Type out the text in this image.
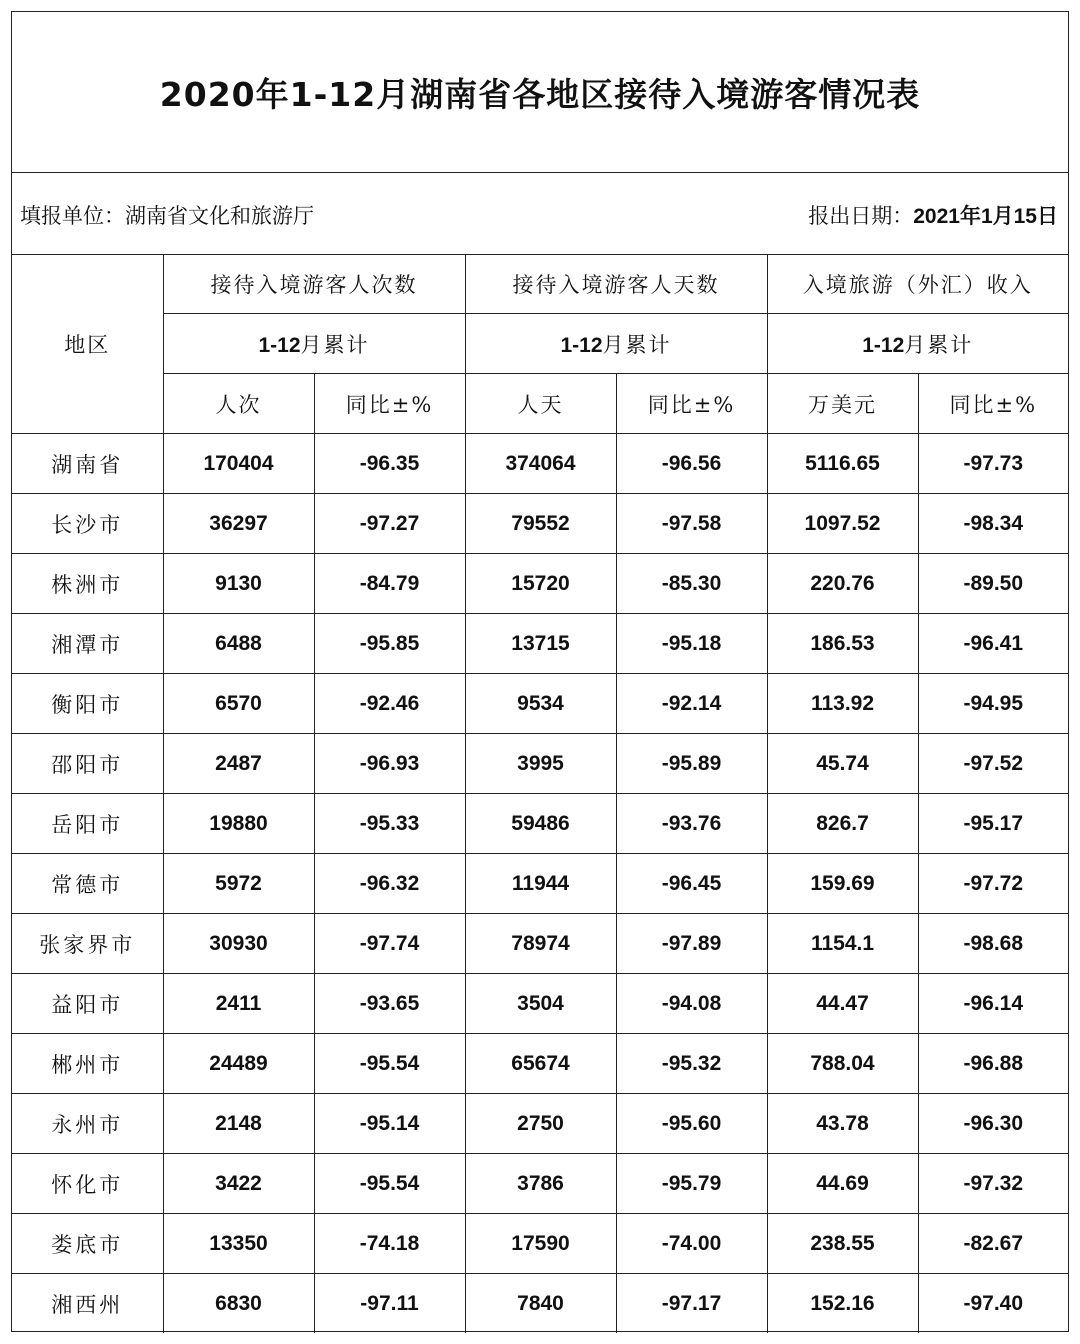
2020年1-12月湖南省各地区接待入境游客情况表
填报单位：湖南省文化和旅游厅	报出日期：2021年1月15日
地区	接待入境游客人次数		接待入境游客人天数		入境旅游（外汇）收入	
	1-12月累计		1-12月累计		1-12月累计	
	人次	同比±%	人天	同比±%	万美元	同比±%
湖南省	170404	-96.35	374064	-96.56	5116.65	-97.73
长沙市	36297	-97.27	79552	-97.58	1097.52	-98.34
株洲市	9130	-84.79	15720	-85.30	220.76	-89.50
湘潭市	6488	-95.85	13715	-95.18	186.53	-96.41
衡阳市	6570	-92.46	9534	-92.14	113.92	-94.95
邵阳市	2487	-96.93	3995	-95.89	45.74	-97.52
岳阳市	19880	-95.33	59486	-93.76	826.7	-95.17
常德市	5972	-96.32	11944	-96.45	159.69	-97.72
张家界市	30930	-97.74	78974	-97.89	1154.1	-98.68
益阳市	2411	-93.65	3504	-94.08	44.47	-96.14
郴州市	24489	-95.54	65674	-95.32	788.04	-96.88
永州市	2148	-95.14	2750	-95.60	43.78	-96.30
怀化市	3422	-95.54	3786	-95.79	44.69	-97.32
娄底市	13350	-74.18	17590	-74.00	238.55	-82.67
湘西州	6830	-97.11	7840	-97.17	152.16	-97.40
